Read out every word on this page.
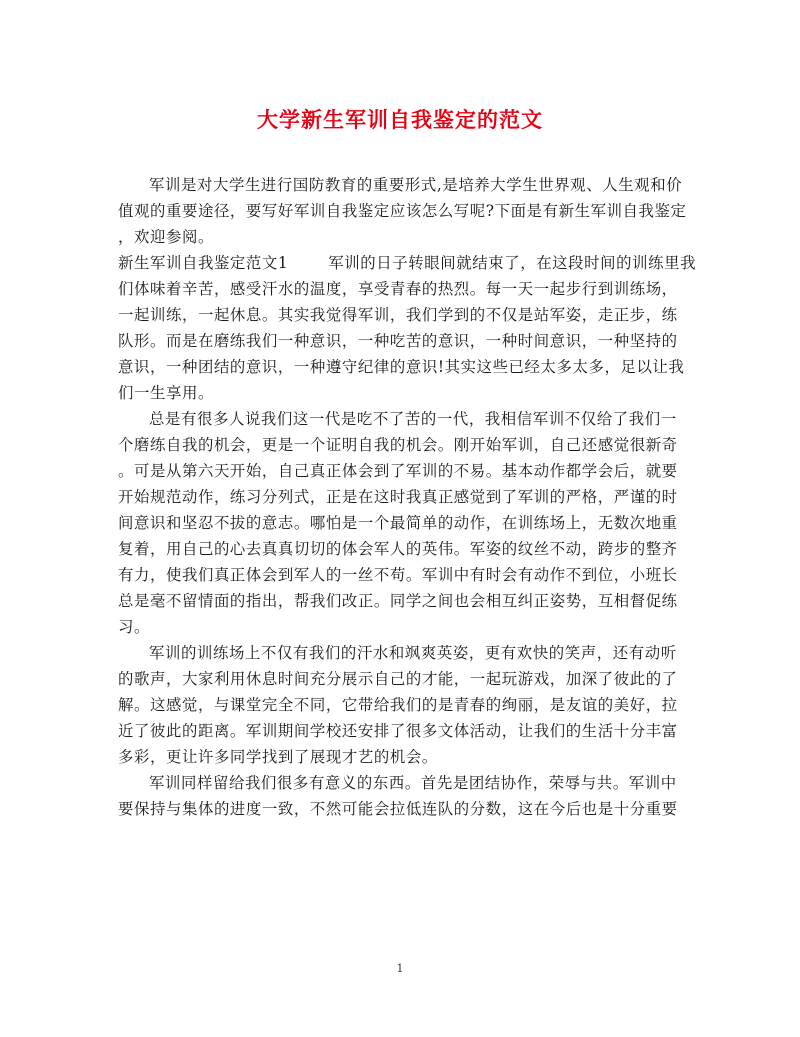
大学新生军训自我鉴定的范文
军训是对大学生进行国防教育的重要形式,是培养大学生世界观、人生观和价
值观的重要途径，要写好军训自我鉴定应该怎么写呢?下面是有新生军训自我鉴定
，欢迎参阅。
新生军训自我鉴定范文1	军训的日子转眼间就结束了，在这段时间的训练里我
们体味着辛苦，感受汗水的温度，享受青春的热烈。每一天一起步行到训练场，
一起训练，一起休息。其实我觉得军训，我们学到的不仅是站军姿，走正步，练
队形。而是在磨练我们一种意识，一种吃苦的意识，一种时间意识，一种坚持的
意识，一种团结的意识，一种遵守纪律的意识!其实这些已经太多太多，足以让我
们一生享用。
总是有很多人说我们这一代是吃不了苦的一代，我相信军训不仅给了我们一
个磨练自我的机会，更是一个证明自我的机会。刚开始军训，自己还感觉很新奇
。可是从第六天开始，自己真正体会到了军训的不易。基本动作都学会后，就要
开始规范动作，练习分列式，正是在这时我真正感觉到了军训的严格，严谨的时
间意识和坚忍不拔的意志。哪怕是一个最简单的动作，在训练场上，无数次地重
复着，用自己的心去真真切切的体会军人的英伟。军姿的纹丝不动，跨步的整齐
有力，使我们真正体会到军人的一丝不苟。军训中有时会有动作不到位，小班长
总是毫不留情面的指出，帮我们改正。同学之间也会相互纠正姿势，互相督促练
习。
军训的训练场上不仅有我们的汗水和飒爽英姿，更有欢快的笑声，还有动听
的歌声，大家利用休息时间充分展示自己的才能，一起玩游戏，加深了彼此的了
解。这感觉，与课堂完全不同，它带给我们的是青春的绚丽，是友谊的美好，拉
近了彼此的距离。军训期间学校还安排了很多文体活动，让我们的生活十分丰富
多彩，更让许多同学找到了展现才艺的机会。
军训同样留给我们很多有意义的东西。首先是团结协作，荣辱与共。军训中
要保持与集体的进度一致，不然可能会拉低连队的分数，这在今后也是十分重要
1
